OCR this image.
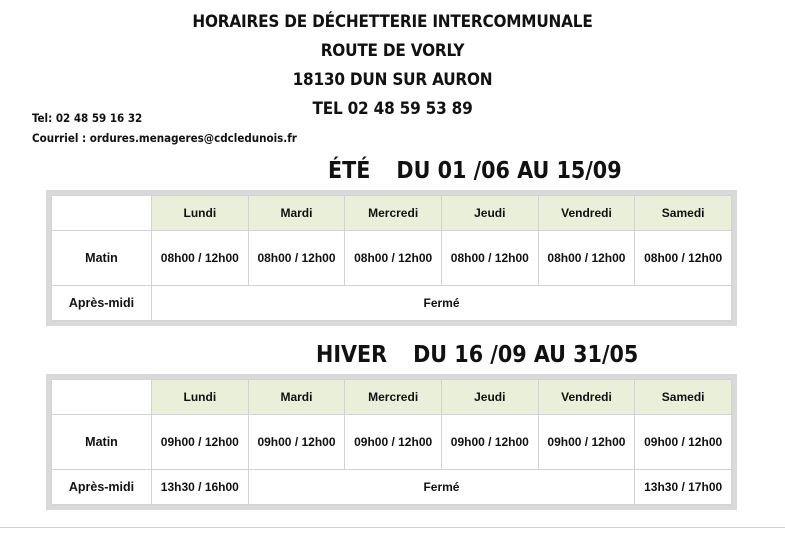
HORAIRES DE DÉCHETTERIE INTERCOMMUNALE
ROUTE DE VORLY
18130 DUN SUR AURON
TEL 02 48 59 53 89
Tel: 02 48 59 16 32
Courriel : ordures.menageres@cdcledunois.fr
ÉTÉ DU 01 /06 AU 15/09
	Lundi	Mardi	Mercredi	Jeudi	Vendredi	Samedi
Matin	08h00 / 12h00	08h00 / 12h00	08h00 / 12h00	08h00 / 12h00	08h00 / 12h00	08h00 / 12h00
Après-midi	Fermé					
HIVER DU 16 /09 AU 31/05
	Lundi	Mardi	Mercredi	Jeudi	Vendredi	Samedi
Matin	09h00 / 12h00	09h00 / 12h00	09h00 / 12h00	09h00 / 12h00	09h00 / 12h00	09h00 / 12h00
Après-midi	13h30 / 16h00	Fermé				13h30 / 17h00
